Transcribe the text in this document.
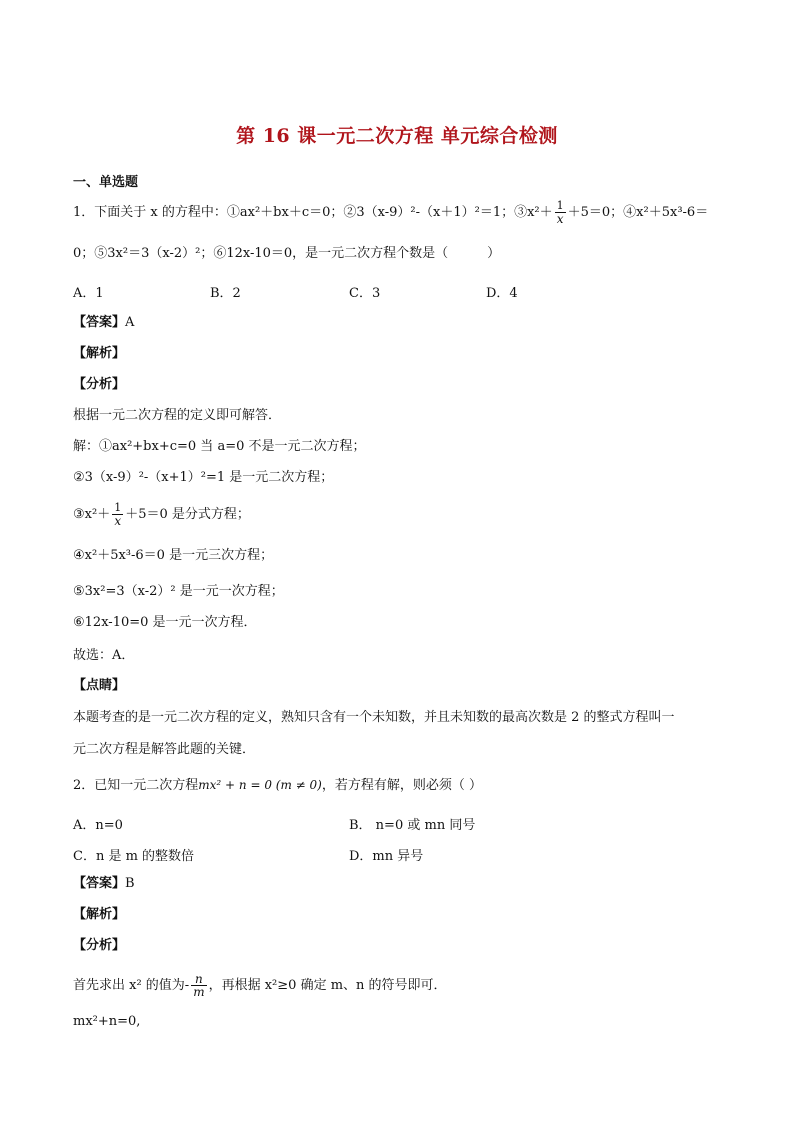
第 16 课一元二次方程 单元综合检测
一、单选题
1．下面关于 x 的方程中：①ax²＋bx＋c＝0；②3（x-9）²-（x＋1）²＝1；③x²＋ $\frac{1}{x} +5=0$；④x²＋5x³-6＝
0；⑤3x²＝3（x-2）²；⑥12x-10＝0，是一元二次方程个数是（　　　）
A．1	B．2	C．3	D．4
【答案】A
【解析】
【分析】
根据一元二次方程的定义即可解答．
解：①ax²+bx+c=0 当 a=0 不是一元二次方程；
②3（x-9）²-（x+1）²=1 是一元二次方程；
③x²＋ $\frac{1}{x} +5=0$ 是分式方程；
④x²＋5x³-6＝0 是一元三次方程；
⑤3x²=3（x-2）² 是一元一次方程；
⑥12x-10=0 是一元一次方程．
故选：A．
【点睛】
本题考查的是一元二次方程的定义，熟知只含有一个未知数，并且未知数的最高次数是 2 的整式方程叫一
元二次方程是解答此题的关键．
2．已知一元二次方程mx² + n = 0 (m ≠ 0)，若方程有解，则必须（ ）
A．n=0	B． n=0 或 mn 同号
C．n 是 m 的整数倍	D．mn 异号
【答案】B
【解析】
【分析】
首先求出 x² 的值为- $\frac{n}{m}$ ，再根据 x²≥0 确定 m、n 的符号即可．
mx²+n=0,
